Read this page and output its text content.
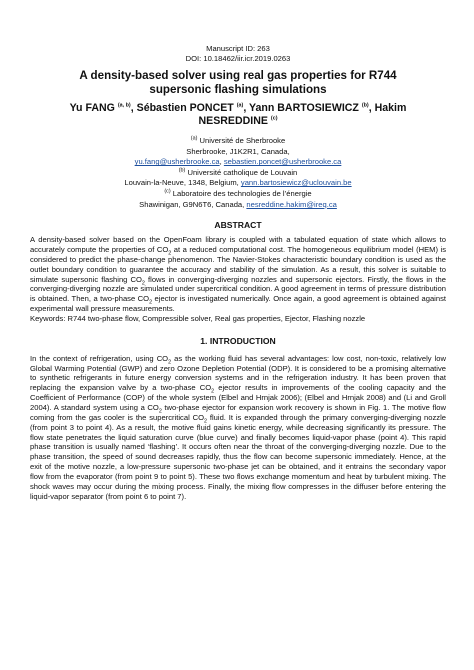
Manuscript ID: 263
DOI: 10.18462/iir.icr.2019.0263
A density-based solver using real gas properties for R744
supersonic flashing simulations
Yu FANG $^{(a, b)}$, Sébastien PONCET $^{(a)}$, Yann BARTOSIEWICZ $^{(b)}$, Hakim
NESREDDINE $^{(c)}$
$^{(a)}$ Université de Sherbrooke
Sherbrooke, J1K2R1, Canada,
yu.fang@usherbrooke.ca, sebastien.poncet@usherbrooke.ca
$^{(b)}$ Université catholique de Louvain
Louvain-la-Neuve, 1348, Belgium, yann.bartosiewicz@uclouvain.be
$^{(c)}$ Laboratoire des technologies de l’énergie
Shawinigan, G9N6T6, Canada, nesreddine.hakim@ireq.ca
ABSTRACT
A density-based solver based on the OpenFoam library is coupled with a tabulated equation of state which allows to accurately compute the properties of $CO_2$ at a reduced computational cost. The homogeneous equilibrium model (HEM) is considered to predict the phase-change phenomenon. The Navier-Stokes characteristic boundary condition is used as the outlet boundary condition to guarantee the accuracy and stability of the simulation. As a result, this solver is suitable to simulate supersonic flashing $CO_2$ flows in converging-diverging nozzles and supersonic ejectors. Firstly, the flows in the converging-diverging nozzle are simulated under supercritical condition. A good agreement in terms of pressure distribution is obtained. Then, a two-phase $CO_2$ ejector is investigated numerically. Once again, a good agreement is obtained against experimental wall pressure measurements.
Keywords: R744 two-phase flow, Compressible solver, Real gas properties, Ejector, Flashing nozzle
1. INTRODUCTION

In the context of refrigeration, using $CO_2$ as the working fluid has several advantages: low cost, non-toxic, relatively low Global Warming Potential (GWP) and zero Ozone Depletion Potential (ODP). It is considered to be a promising alternative to synthetic refrigerants in future energy conversion systems and in the refrigeration industry. It has been proven that replacing the expansion valve by a two-phase $CO_2$ ejector results in improvements of the cooling capacity and the Coefficient of Performance (COP) of the whole system (Elbel and Hrnjak 2006); (Elbel and Hrnjak 2008) and (Li and Groll 2004). A standard system using a $CO_2$ two-phase ejector for expansion work recovery is shown in Fig. 1. The motive flow coming from the gas cooler is the supercritical $CO_2$ fluid. It is expanded through the primary converging-diverging nozzle (from point 3 to point 4). As a result, the motive fluid gains kinetic energy, while decreasing significantly its pressure. The flow state penetrates the liquid saturation curve (blue curve) and finally becomes liquid-vapor phase (point 4). This rapid phase transition is usually named ‘flashing’. It occurs often near the throat of the converging-diverging nozzle. Due to the phase transition, the speed of sound decreases rapidly, thus the flow can become supersonic immediately. Hence, at the exit of the motive nozzle, a low-pressure supersonic two-phase jet can be obtained, and it entrains the secondary vapor flow from the evaporator (from point 9 to point 5). These two flows exchange momentum and heat by turbulent mixing. The shock waves may occur during the mixing process. Finally, the mixing flow compresses in the diffuser before entering the liquid-vapor separator (from point 6 to point 7).
